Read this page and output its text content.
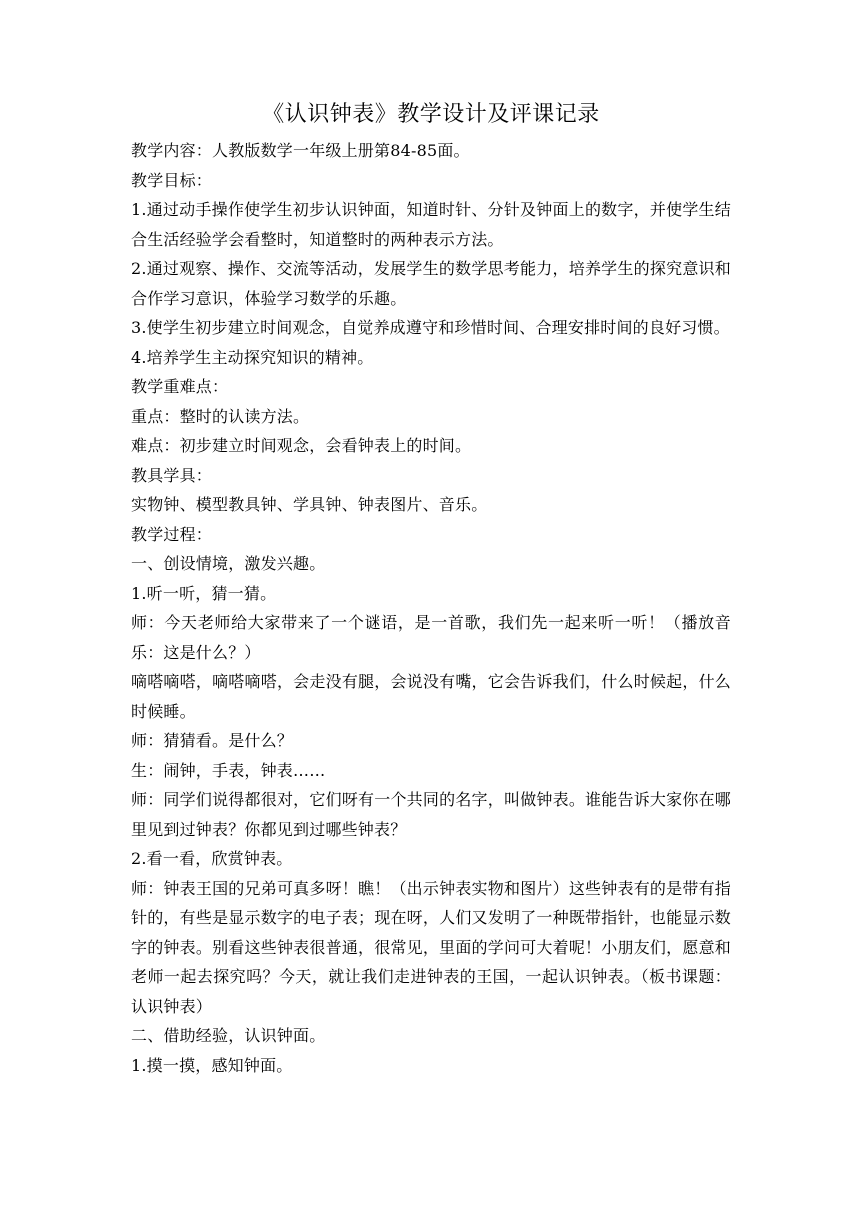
《认识钟表》教学设计及评课记录

教学内容：人教版数学一年级上册第84-85面。

教学目标：

1.通过动手操作使学生初步认识钟面，知道时针、分针及钟面上的数字，并使学生结合生活经验学会看整时，知道整时的两种表示方法。

2.通过观察、操作、交流等活动，发展学生的数学思考能力，培养学生的探究意识和合作学习意识，体验学习数学的乐趣。

3.使学生初步建立时间观念，自觉养成遵守和珍惜时间、合理安排时间的良好习惯。

4.培养学生主动探究知识的精神。

教学重难点：

重点：整时的认读方法。

难点：初步建立时间观念，会看钟表上的时间。

教具学具：

实物钟、模型教具钟、学具钟、钟表图片、音乐。

教学过程：

一、创设情境，激发兴趣。

1.听一听，猜一猜。

师：今天老师给大家带来了一个谜语，是一首歌，我们先一起来听一听！（播放音乐：这是什么？）

嘀嗒嘀嗒，嘀嗒嘀嗒，会走没有腿，会说没有嘴，它会告诉我们，什么时候起，什么时候睡。

师：猜猜看。是什么？

生：闹钟，手表，钟表……

师：同学们说得都很对，它们呀有一个共同的名字，叫做钟表。谁能告诉大家你在哪里见到过钟表？你都见到过哪些钟表？

2.看一看，欣赏钟表。

师：钟表王国的兄弟可真多呀！瞧！（出示钟表实物和图片）这些钟表有的是带有指针的，有些是显示数字的电子表；现在呀，人们又发明了一种既带指针，也能显示数字的钟表。别看这些钟表很普通，很常见，里面的学问可大着呢！小朋友们，愿意和老师一起去探究吗？今天，就让我们走进钟表的王国，一起认识钟表。（板书课题：认识钟表）

二、借助经验，认识钟面。

1.摸一摸，感知钟面。
